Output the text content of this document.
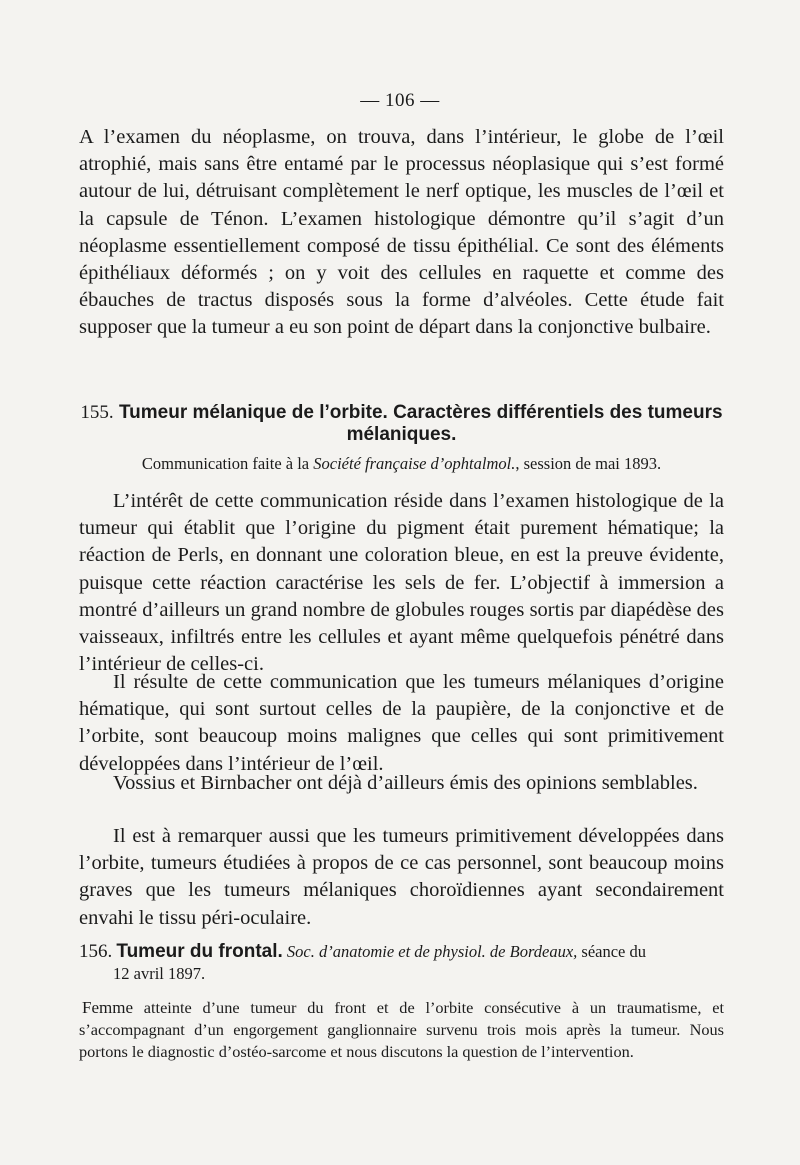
— 106 —

A l’examen du néoplasme, on trouva, dans l’intérieur, le globe de l’œil atrophié, mais sans être entamé par le processus néoplasique qui s’est formé autour de lui, détruisant complètement le nerf optique, les muscles de l’œil et la capsule de Ténon. L’examen histologique démontre qu’il s’agit d’un néoplasme essentiellement composé de tissu épithélial. Ce sont des éléments épithéliaux déformés ; on y voit des cellules en raquette et comme des ébauches de tractus disposés sous la forme d’alvéoles. Cette étude fait supposer que la tumeur a eu son point de départ dans la conjonctive bulbaire.

155. Tumeur mélanique de l’orbite. Caractères différentiels des tumeurs mélaniques.

Communication faite à la Société française d’ophtalmol., session de mai 1893.

L’intérêt de cette communication réside dans l’examen histologique de la tumeur qui établit que l’origine du pigment était purement hématique; la réaction de Perls, en donnant une coloration bleue, en est la preuve évidente, puisque cette réaction caractérise les sels de fer. L’objectif à immersion a montré d’ailleurs un grand nombre de globules rouges sortis par diapédèse des vaisseaux, infiltrés entre les cellules et ayant même quelquefois pénétré dans l’intérieur de celles-ci.

Il résulte de cette communication que les tumeurs mélaniques d’origine hématique, qui sont surtout celles de la paupière, de la conjonctive et de l’orbite, sont beaucoup moins malignes que celles qui sont primitivement développées dans l’intérieur de l’œil.

Vossius et Birnbacher ont déjà d’ailleurs émis des opinions semblables.

Il est à remarquer aussi que les tumeurs primitivement développées dans l’orbite, tumeurs étudiées à propos de ce cas personnel, sont beaucoup moins graves que les tumeurs mélaniques choroïdiennes ayant secondairement envahi le tissu péri-oculaire.

156. Tumeur du frontal. Soc. d’anatomie et de physiol. de Bordeaux, séance du
12 avril 1897.

Femme atteinte d’une tumeur du front et de l’orbite consécutive à un traumatisme, et s’accompagnant d’un engorgement ganglionnaire survenu trois mois après la tumeur. Nous portons le diagnostic d’ostéo-sarcome et nous discutons la question de l’intervention.
